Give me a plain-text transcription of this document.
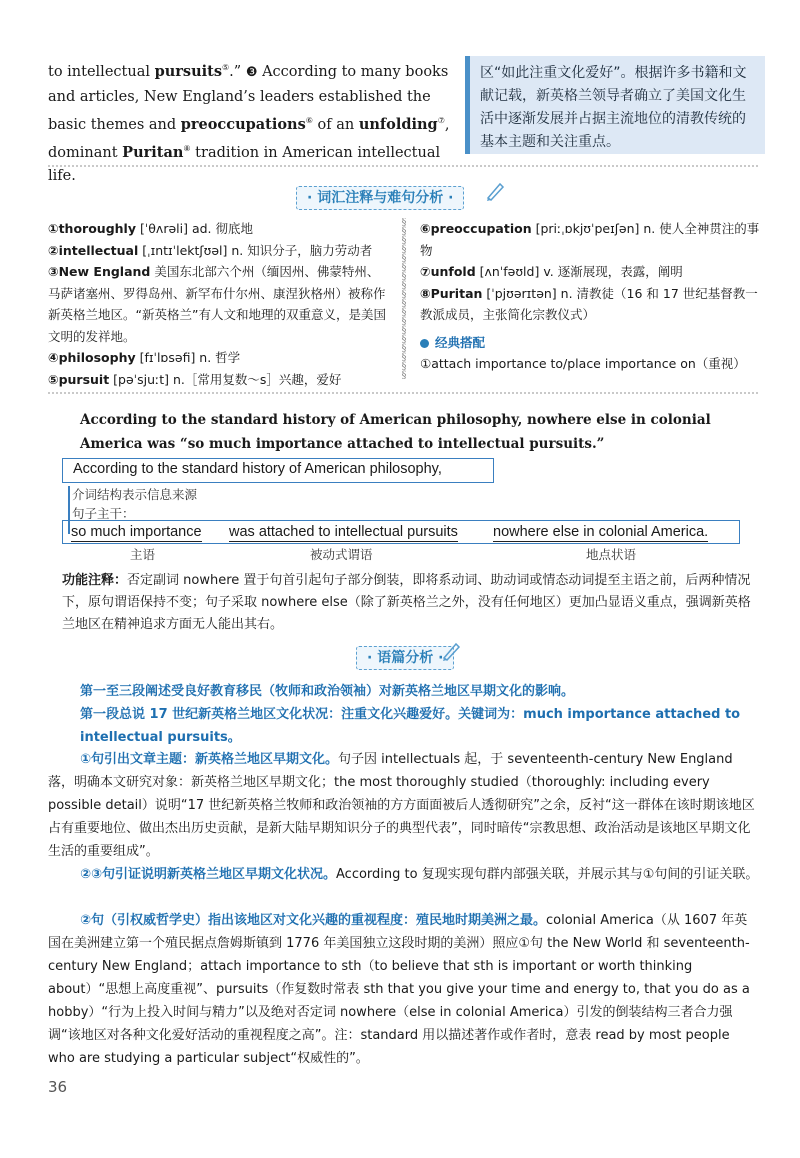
to intellectual pursuits⑤.” ❸ According to many books and articles, New England’s leaders established the basic themes and preoccupations⑥ of an unfolding⑦, dominant Puritan⑧ tradition in American intellectual life.
区“如此注重文化爱好”。根据许多书籍和文献记载，新英格兰领导者确立了美国文化生活中逐渐发展并占据主流地位的清教传统的基本主题和关注重点。
· 词汇注释与难句分析 ·
①thoroughly [ˈθʌrəli] ad. 彻底地
②intellectual [ˌɪntɪˈlektʃʊəl] n. 知识分子，脑力劳动者
③New England 美国东北部六个州（缅因州、佛蒙特州、马萨诸塞州、罗得岛州、新罕布什尔州、康涅狄格州）被称作新英格兰地区。“新英格兰”有人文和地理的双重意义，是美国文明的发祥地。
④philosophy [fɪˈlɒsəfi] n. 哲学
⑤pursuit [pəˈsjuːt] n.［常用复数～s］兴趣，爱好
§
§
§
§
§
§
§
§
§
§
§
§
§
§
§
§
§
§
⑥preoccupation [priːˌɒkjʊˈpeɪʃən] n. 使人全神贯注的事物
⑦unfold [ʌnˈfəʊld] v. 逐渐展现，表露，阐明
⑧Puritan [ˈpjʊərɪtən] n. 清教徒（16 和 17 世纪基督教一教派成员，主张简化宗教仪式）
经典搭配
①attach importance to/place importance on（重视）
According to the standard history of American philosophy, nowhere else in colonial America was “so much importance attached to intellectual pursuits.”
According to the standard history of American philosophy,
介词结构表示信息来源
句子主干：
so much importance was attached to intellectual pursuits nowhere else in colonial America.
主语	被动式谓语	地点状语
功能注释：否定副词 nowhere 置于句首引起句子部分倒装，即将系动词、助动词或情态动词提至主语之前，后两种情况下，原句谓语保持不变；句子采取 nowhere else（除了新英格兰之外，没有任何地区）更加凸显语义重点，强调新英格兰地区在精神追求方面无人能出其右。
· 语篇分析 ·
第一至三段阐述受良好教育移民（牧师和政治领袖）对新英格兰地区早期文化的影响。
第一段总说 17 世纪新英格兰地区文化状况：注重文化兴趣爱好。关键词为：much importance attached to intellectual pursuits。
①句引出文章主题：新英格兰地区早期文化。句子因 intellectuals 起，于 seventeenth-century New England 落，明确本文研究对象：新英格兰地区早期文化；the most thoroughly studied（thoroughly: including every possible detail）说明“17 世纪新英格兰牧师和政治领袖的方方面面被后人透彻研究”之余，反衬“这一群体在该时期该地区占有重要地位、做出杰出历史贡献，是新大陆早期知识分子的典型代表”，同时暗传“宗教思想、政治活动是该地区早期文化生活的重要组成”。
②③句引证说明新英格兰地区早期文化状况。According to 复现实现句群内部强关联，并展示其与①句间的引证关联。
②句（引权威哲学史）指出该地区对文化兴趣的重视程度：殖民地时期美洲之最。colonial America（从 1607 年英国在美洲建立第一个殖民据点詹姆斯镇到 1776 年美国独立这段时期的美洲）照应①句 the New World 和 seventeenth-century New England；attach importance to sth（to believe that sth is important or worth thinking about）“思想上高度重视”、pursuits（作复数时常表 sth that you give your time and energy to, that you do as a hobby）“行为上投入时间与精力”以及绝对否定词 nowhere（else in colonial America）引发的倒装结构三者合力强调“该地区对各种文化爱好活动的重视程度之高”。注：standard 用以描述著作或作者时，意表 read by most people who are studying a particular subject“权威性的”。
36
